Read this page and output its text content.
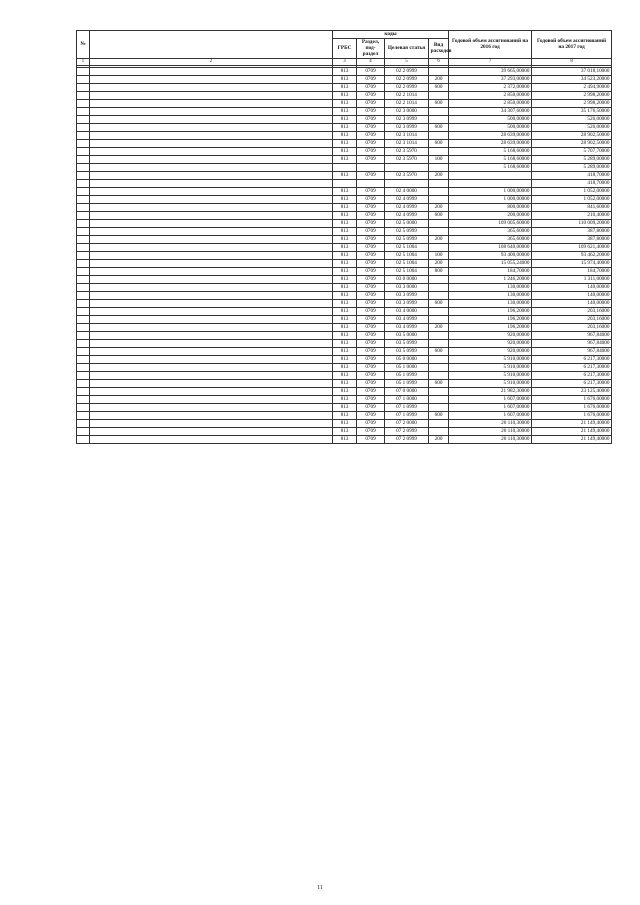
№		коды				Годовой объем ассигнований на 2016 год	Годовой объем ассигнований на 2017 год
		ГРБС	Раздел, под-раздел	Целевая статья	Вид расходов		
1	2	3	4	5	6	7	8

		813	0709	02 2 0999		39 665,00000	37 018,10000
		813	0709	02 2 0999	200	37 293,00000	34 523,20000
		813	0709	02 2 0999	600	2 372,00000	2 494,90000
		813	0709	02 2 1014		2 850,00000	2 998,20000
		813	0709	02 2 1014	600	2 850,00000	2 998,20000
		813	0709	02 3 0000		34 307,60000	35 176,50000
		813	0709	02 3 0999		500,00000	526,00000
		813	0709	02 3 0999	600	500,00000	526,00000
		813	0709	02 3 1014		28 639,00000	28 902,50000
		813	0709	02 3 1014	600	28 639,00000	28 902,50000
		813	0709	02 3 5970		5 168,60000	5 707,70000
		813	0709	02 3 5970	100	5 168,60000	5 289,00000
						5 168,60000	5 289,00000
		813	0709	02 3 5970	200		418,70000
							418,70000
		813	0709	02 4 0000		1 000,00000	1 052,00000
		813	0709	02 4 0999		1 000,00000	1 052,00000
		813	0709	02 4 0999	200	800,00000	841,60000
		813	0709	02 4 0999	600	200,00000	210,40000
		813	0709	02 5 0000		109 005,60000	110 009,20000
		813	0709	02 5 0999		365,60000	387,80000
		813	0709	02 5 0999	200	365,60000	387,80000
		813	0709	02 5 1004		108 640,00000	109 621,40000
		813	0709	02 5 1004	100	93 400,00000	93 462,20000
		813	0709	02 5 1004	200	15 055,24000	15 974,40000
		813	0709	02 5 1004	800	184,70000	184,70000
		813	0709	03 0 0000		1 246,20000	1 311,00000
		813	0709	03 3 0000		130,00000	140,00000
		813	0709	03 3 0999		130,00000	140,00000
		813	0709	03 3 0999	600	130,00000	140,00000
		813	0709	03 4 0000		196,20000	203,16000
		813	0709	03 4 0999		196,20000	203,16000
		813	0709	03 4 0999	200	196,20000	203,16000
		813	0709	03 5 0000		920,00000	967,84000
		813	0709	03 5 0999		920,00000	967,84000
		813	0709	03 5 0999	600	920,00000	967,84000
		813	0709	05 0 0000		5 910,00000	6 217,30000
		813	0709	05 1 0000		5 910,00000	6 217,30000
		813	0709	05 1 0999		5 910,00000	6 217,30000
		813	0709	05 1 0999	600	5 910,00000	6 217,30000
		813	0709	07 0 0000		21 982,30000	23 125,40000
		813	0709	07 1 0000		1 607,00000	1 676,00000
		813	0709	07 1 0999		1 607,00000	1 676,00000
		813	0709	07 1 0999	600	1 607,00000	1 676,00000
		813	0709	07 2 0000		20 110,30000	21 149,40000
		813	0709	07 2 0999		20 110,30000	21 149,40000
		813	0709	07 2 0999	200	20 110,30000	21 149,40000
11
